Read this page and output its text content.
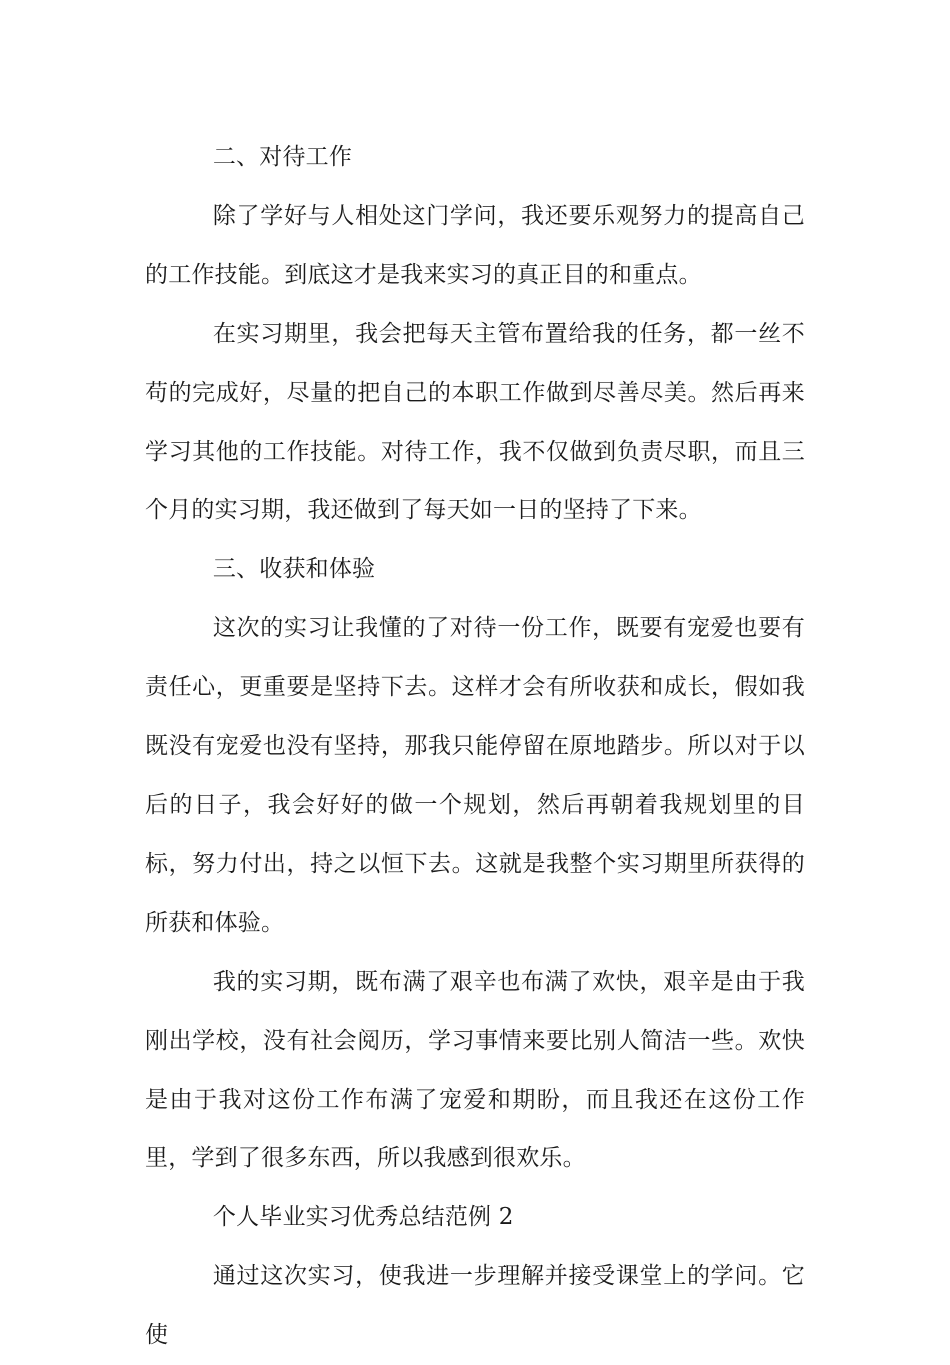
二、对待工作

除了学好与人相处这门学问，我还要乐观努力的提高自己的工作技能。到底这才是我来实习的真正目的和重点。

在实习期里，我会把每天主管布置给我的任务，都一丝不苟的完成好，尽量的把自己的本职工作做到尽善尽美。然后再来学习其他的工作技能。对待工作，我不仅做到负责尽职，而且三个月的实习期，我还做到了每天如一日的坚持了下来。

三、收获和体验

这次的实习让我懂的了对待一份工作，既要有宠爱也要有责任心，更重要是坚持下去。这样才会有所收获和成长，假如我既没有宠爱也没有坚持，那我只能停留在原地踏步。所以对于以后的日子，我会好好的做一个规划，然后再朝着我规划里的目标，努力付出，持之以恒下去。这就是我整个实习期里所获得的所获和体验。

我的实习期，既布满了艰辛也布满了欢快，艰辛是由于我刚出学校，没有社会阅历，学习事情来要比别人简洁一些。欢快是由于我对这份工作布满了宠爱和期盼，而且我还在这份工作里，学到了很多东西，所以我感到很欢乐。

个人毕业实习优秀总结范例 2

通过这次实习，使我进一步理解并接受课堂上的学问。它使
